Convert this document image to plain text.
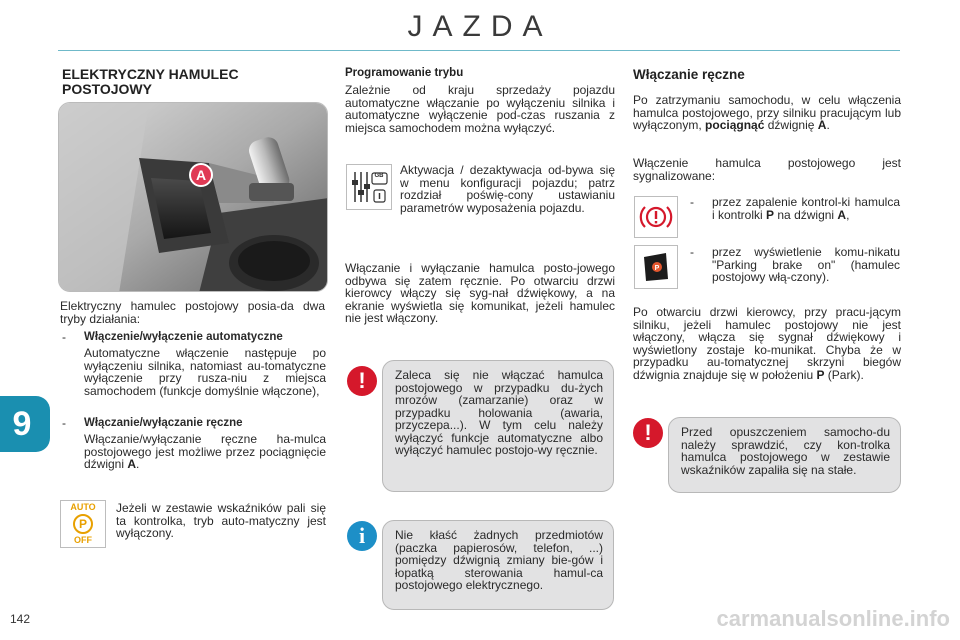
JAZDA
9
142
ELEKTRYCZNY HAMULEC POSTOJOWY
A
Elektryczny hamulec postojowy posia-da dwa tryby działania:
-	Włączenie/wyłączenie automatyczne
Automatyczne włączenie następuje po wyłączeniu silnika, natomiast au-tomatyczne wyłączenie przy rusza-niu z miejsca samochodem (funkcje domyślnie włączone),
-	Włączanie/wyłączanie ręczne
Włączanie/wyłączanie ręczne ha-mulca postojowego jest możliwe przez pociągnięcie dźwigni A.
AUTO
P
OFF
Jeżeli w zestawie wskaźników pali się ta kontrolka, tryb auto-matyczny jest wyłączony.
Programowanie trybu
Zależnie od kraju sprzedaży pojazdu automatyczne włączanie po wyłączeniu silnika i automatyczne wyłączenie pod-czas ruszania z miejsca samochodem można wyłączyć.
GB Aktywacja / dezaktywacja od-bywa się w menu konfiguracji pojazdu; patrz rozdział poświę-cony ustawianiu parametrów wyposażenia pojazdu.
Włączanie i wyłączanie hamulca posto-jowego odbywa się zatem ręcznie. Po otwarciu drzwi kierowcy włączy się syg-nał dźwiękowy, a na ekranie wyświetla się komunikat, jeżeli hamulec nie jest włączony.
Zaleca się nie włączać hamulca postojowego w przypadku du-żych mrozów (zamarzanie) oraz w przypadku holowania (awaria, przyczepa...). W tym celu należy wyłączyć funkcje automatyczne albo wyłączyć hamulec postojo-wy ręcznie.
!
Nie kłaść żadnych przedmiotów (paczka papierosów, telefon, ...) pomiędzy dźwignią zmiany bie-gów i łopatką sterowania hamul-ca postojowego elektrycznego.
i
Włączanie ręczne
Po zatrzymaniu samochodu, w celu włączenia hamulca postojowego, przy silniku pracującym lub wyłączonym, pociągnąć dźwignię A.
Włączenie hamulca postojowego jest sygnalizowane:
-	przez zapalenie kontrol-ki hamulca i kontrolki P na dźwigni A,
P
-	przez wyświetlenie komu-nikatu "Parking brake on" (hamulec postojowy włą-czony).
Po otwarciu drzwi kierowcy, przy pracu-jącym silniku, jeżeli hamulec postojowy nie jest włączony, włącza się sygnał dźwiękowy i wyświetlony zostaje ko-munikat. Chyba że w przypadku au-tomatycznej skrzyni biegów dźwignia znajduje się w położeniu P (Park).
Przed opuszczeniem samocho-du należy sprawdzić, czy kon-trolka hamulca postojowego w zestawie wskaźników zapaliła się na stałe.
!
carmanualsonline.info
